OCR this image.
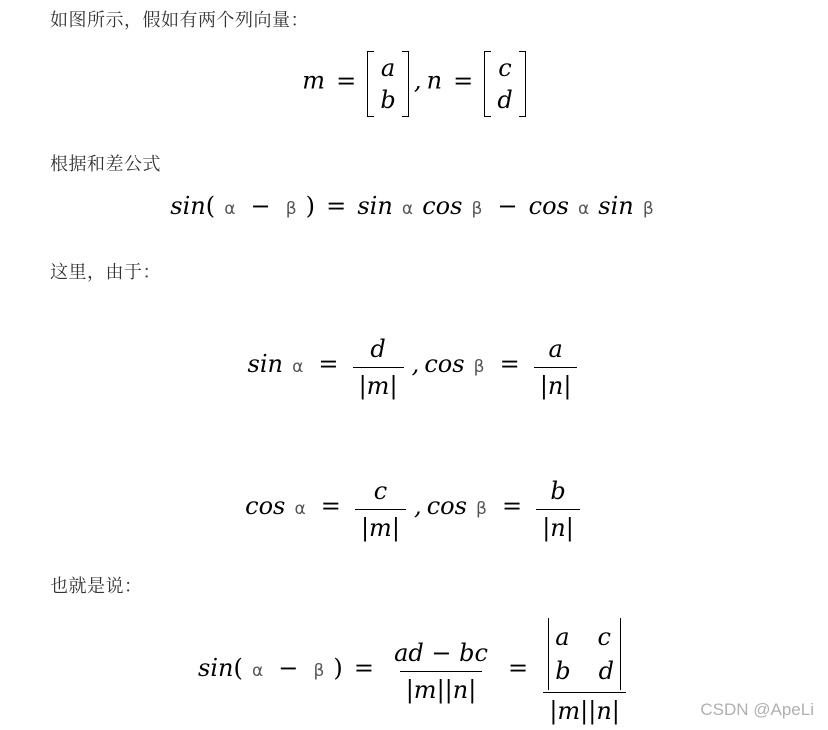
如图所示，假如有两个列向量：
m = a
b
, n = c
d
根据和差公式
sin( α − β ) = sin α cos β − cos α sin β
这里，由于：
$\sin \alpha = \frac{d}{|m|}$ , $\cos \beta = \frac{a}{|n|}$
$\cos \alpha = \frac{c}{|m|}$ , $\cos \beta = \frac{b}{|n|}$
也就是说：
sin( α − β ) = $\frac{ad - bc}{|m||n|}$ =
a c
b d
|m||n|	CSDN @ApeLi
